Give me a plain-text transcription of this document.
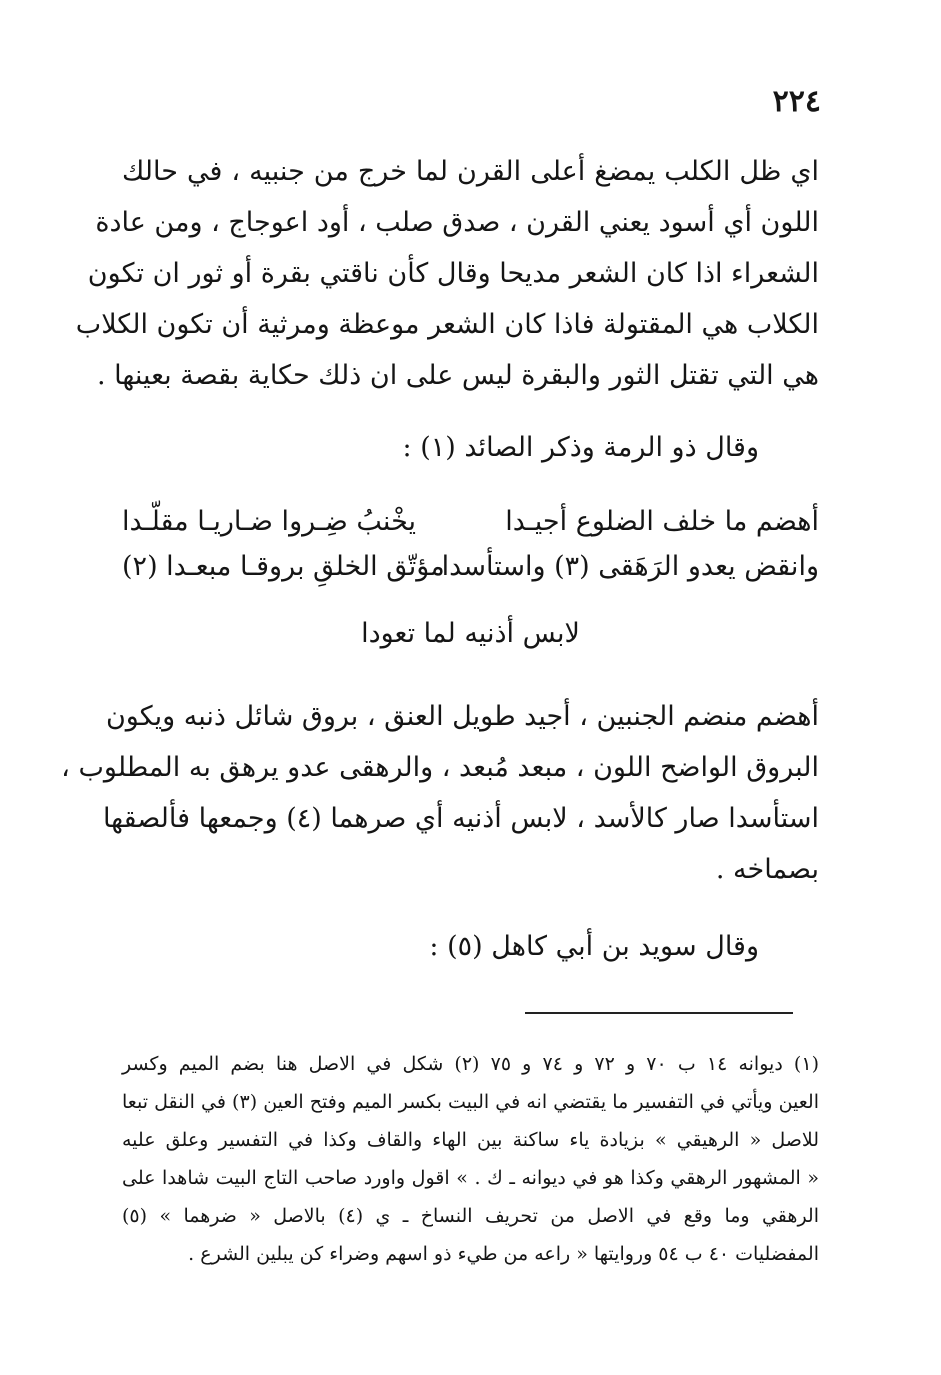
٢٢٤
اي ظل الكلب يمضغ أعلى القرن لما خرج من جنبيه ، في حالك
اللون أي أسود يعني القرن ، صدق صلب ، أود اعوجاج ، ومن عادة
الشعراء اذا كان الشعر مديحا وقال كأن ناقتي بقرة أو ثور ان تكون
الكلاب هي المقتولة فاذا كان الشعر موعظة ومرثية أن تكون الكلاب
هي التي تقتل الثور والبقرة ليس على ان ذلك حكاية بقصة بعينها .
وقال ذو الرمة وذكر الصائد (١) :
أهضم ما خلف الضلوع أجيـدا
يخْنبُ ضِـروا ضـاريـا مقلّـدا
وانقض يعدو الرَهَقى (٣) واستأسدا
مؤتّق الخلقِ بروقـا مبعـدا (٢)
لابس أذنيه لما تعودا
أهضم منضم الجنبين ، أجيد طويل العنق ، بروق شائل ذنبه ويكون
البروق الواضح اللون ، مبعد مُبعد ، والرهقى عدو يرهق به المطلوب ،
استأسدا صار كالأسد ، لابس أذنيه أي صرهما (٤) وجمعها فألصقها
بصماخه .
وقال سويد بن أبي كاهل (٥) :
(١) ديوانه ١٤ ب ٧٠ و ٧٢ و ٧٤ و ٧٥ (٢) شكل في الاصل هنا بضم الميم وكسر
العين ويأتي في التفسير ما يقتضي انه في البيت بكسر الميم وفتح العين (٣) في النقل تبعا
للاصل « الرهيقي » بزيادة ياء ساكنة بين الهاء والقاف وكذا في التفسير وعلق عليه
« المشهور الرهقي وكذا هو في ديوانه ـ ك . » اقول واورد صاحب التاج البيت شاهدا على
الرهقي وما وقع في الاصل من تحريف النساخ ـ ي (٤) بالاصل « ضرهما » (٥)
المفضليات ٤٠ ب ٥٤ وروايتها « راعه من طيء ذو اسهم وضراء كن يبلين الشرع .
